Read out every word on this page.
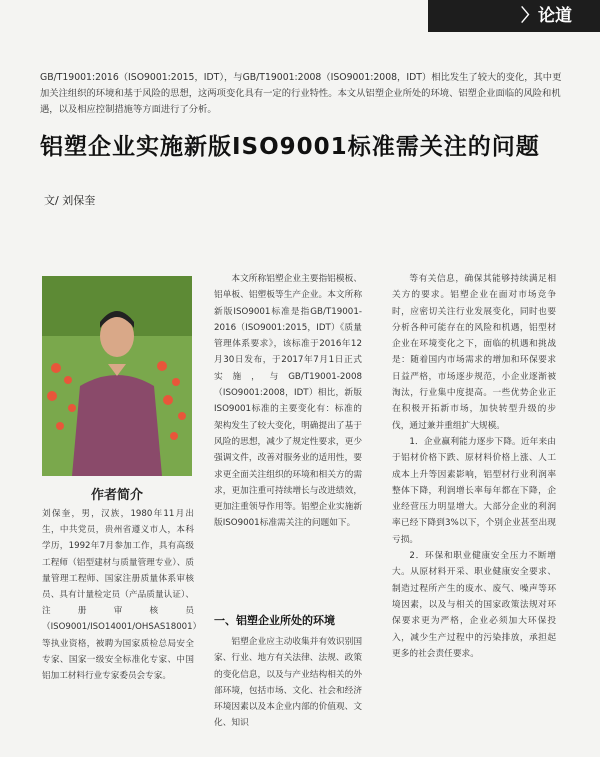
〉论道
GB/T19001:2016（ISO9001:2015，IDT），与GB/T19001:2008（ISO9001:2008，IDT）相比发生了较大的变化，其中更加关注组织的环境和基于风险的思想，这两项变化具有一定的行业特性。本文从铝塑企业所处的环境、铝塑企业面临的风险和机遇，以及相应控制措施等方面进行了分析。
铝塑企业实施新版ISO9001标准需关注的问题
文/ 刘保奎
作者简介
刘保奎，男，汉族，1980年11月出生，中共党员，贵州省遵义市人，本科学历，1992年7月参加工作，具有高级工程师（铝型建材与质量管理专业）、质量管理工程师、国家注册质量体系审核员、具有计量检定员（产品质量认证）、注册审核员（ISO9001/ISO14001/OHSAS18001）等执业资格，被聘为国家质检总局安全专家、国家一级安全标准化专家、中国铝加工材料行业专家委员会专家。

本文所称铝塑企业主要指铝模板、铝单板、铝塑板等生产企业。本文所称新版ISO9001标准是指GB/T19001-2016（ISO9001:2015，IDT）《质量管理体系要求》，该标准于2016年12月30日发布，于2017年7月1日正式实施，与GB/T19001-2008（ISO9001:2008，IDT）相比，新版ISO9001标准的主要变化有：标准的架构发生了较大变化，明确提出了基于风险的思想，减少了规定性要求，更少强调文件，改善对服务业的适用性，要求更全面关注组织的环境和相关方的需求，更加注重可持续增长与改进绩效，更加注重领导作用等。铝塑企业实施新版ISO9001标准需关注的问题如下。

一、铝塑企业所处的环境

铝塑企业应主动收集并有效识别国家、行业、地方有关法律、法规、政策的变化信息，以及与产业结构相关的外部环境，包括市场、文化、社会和经济环境因素以及本企业内部的价值观、文化、知识

等有关信息，确保其能够持续满足相关方的要求。铝塑企业在面对市场竞争时，应密切关注行业发展变化，同时也要分析各种可能存在的风险和机遇，铝型材企业在环境变化之下，面临的机遇和挑战是：随着国内市场需求的增加和环保要求日益严格，市场逐步规范，小企业逐渐被淘汰，行业集中度提高。一些优势企业正在积极开拓新市场，加快转型升级的步伐，通过兼并重组扩大规模。

1．企业赢利能力逐步下降。近年来由于铝材价格下跌、原材料价格上涨、人工成本上升等因素影响，铝型材行业利润率整体下降，利润增长率每年都在下降，企业经营压力明显增大。大部分企业的利润率已经下降到3%以下，个别企业甚至出现亏损。

2．环保和职业健康安全压力不断增大。从原材料开采、职业健康安全要求、制造过程所产生的废水、废气、噪声等环境因素，以及与相关的国家政策法规对环保要求更为严格，企业必须加大环保投入，减少生产过程中的污染排放，承担起更多的社会责任要求。
